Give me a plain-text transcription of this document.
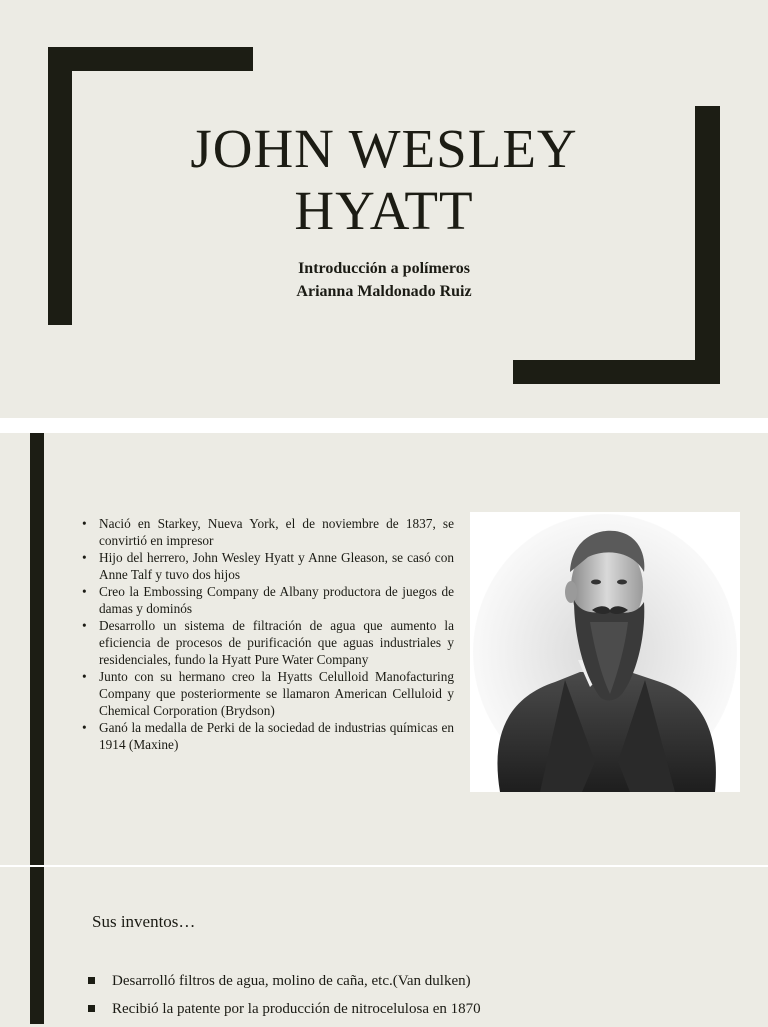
JOHN WESLEY
HYATT
Introducción a polímeros
Arianna Maldonado Ruiz
• Nació en Starkey, Nueva York, el de noviembre de 1837, se convirtió en impresor
• Hijo del herrero, John Wesley Hyatt y Anne Gleason, se casó con Anne Talf y tuvo dos hijos
• Creo la Embossing Company de Albany productora de juegos de damas y dominós
• Desarrollo un sistema de filtración de agua que aumento la eficiencia de procesos de purificación que aguas industriales y residenciales, fundo la Hyatt Pure Water Company
• Junto con su hermano creo la Hyatts Celulloid Manofacturing Company que posteriormente se llamaron American Celluloid y Chemical Corporation (Brydson)
• Ganó la medalla de Perki de la sociedad de industrias químicas en 1914 (Maxine)
Sus inventos…
Desarrolló filtros de agua, molino de caña, etc.(Van dulken)
Recibió la patente por la producción de nitrocelulosa en 1870
